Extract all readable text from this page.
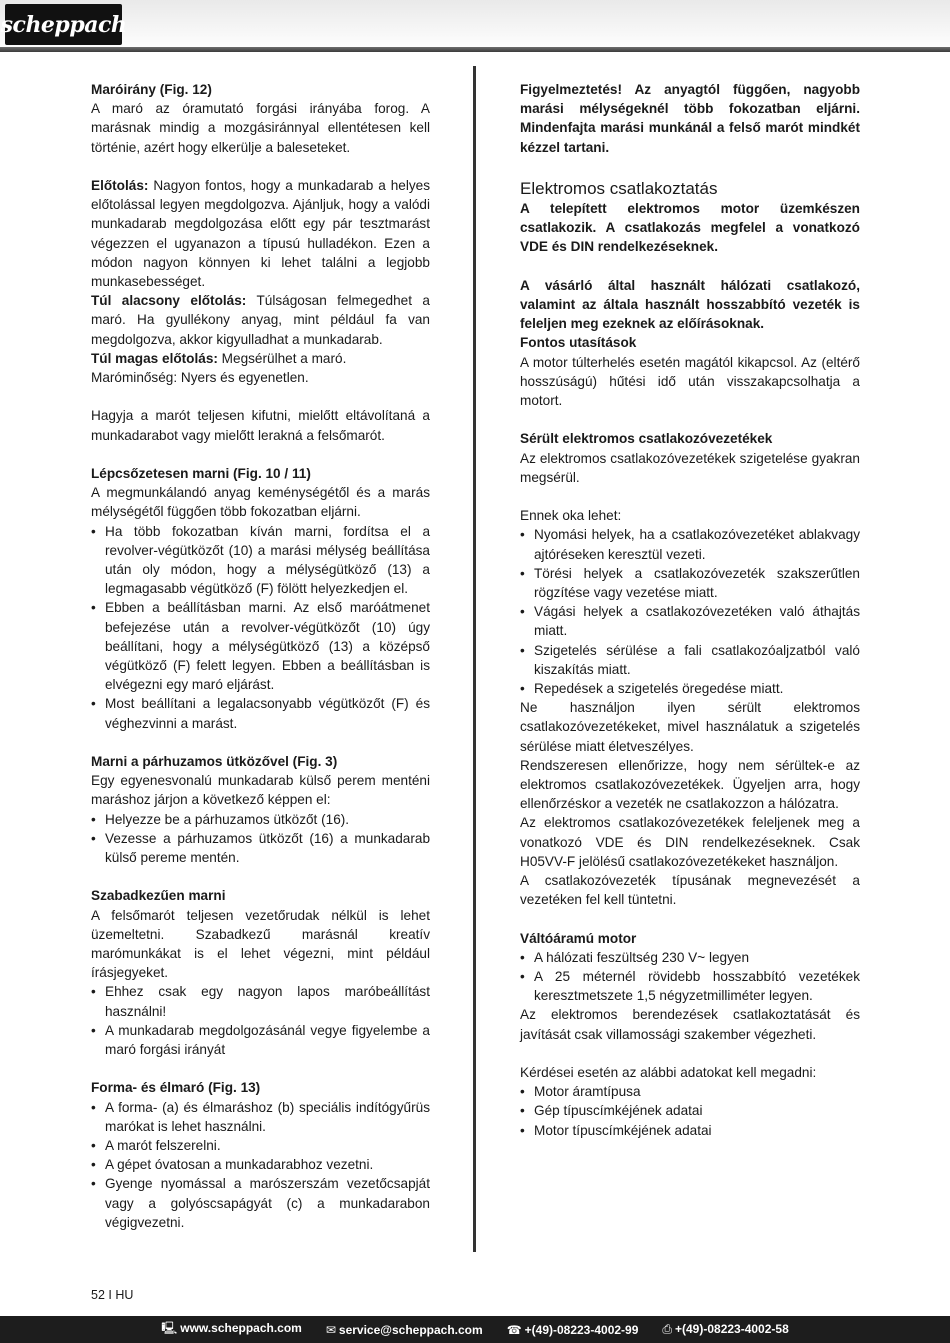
scheppach

Maróirány (Fig. 12)

A maró az óramutató forgási irányába forog. A marásnak mindig a mozgásiránnyal ellentétesen kell történie, azért hogy elkerülje a baleseteket.

Előtolás: Nagyon fontos, hogy a munkadarab a helyes előtolással legyen megdolgozva. Ajánljuk, hogy a valódi munkadarab megdolgozása előtt egy pár tesztmarást végezzen el ugyanazon a típusú hulladékon. Ezen a módon nagyon könnyen ki lehet találni a legjobb munkasebességet.

Túl alacsony előtolás: Túlságosan felmegedhet a maró. Ha gyullékony anyag, mint például fa van megdolgozva, akkor kigyulladhat a munkadarab.

Túl magas előtolás: Megsérülhet a maró.

Maróminőség: Nyers és egyenetlen.

Hagyja a marót teljesen kifutni, mielőtt eltávolítaná a munkadarabot vagy mielőtt lerakná a felsőmarót.

Lépcsőzetesen marni (Fig. 10 / 11)

A megmunkálandó anyag keménységétől és a marás mélységétől függően több fokozatban eljárni.

• Ha több fokozatban kíván marni, fordítsa el a revolver-végütközőt (10) a marási mélység beállítása után oly módon, hogy a mélységütköző (13) a legmagasabb végütköző (F) fölött helyezkedjen el.
• Ebben a beállításban marni. Az első maróátmenet befejezése után a revolver-végütközőt (10) úgy beállítani, hogy a mélységütköző (13) a középső végütköző (F) felett legyen. Ebben a beállításban is elvégezni egy maró eljárást.
• Most beállítani a legalacsonyabb végütközőt (F) és véghezvinni a marást.

Marni a párhuzamos ütközővel (Fig. 3)

Egy egyenesvonalú munkadarab külső perem menténi maráshoz járjon a következő képpen el:

• Helyezze be a párhuzamos ütközőt (16).
• Vezesse a párhuzamos ütközőt (16) a munkadarab külső pereme mentén.

Szabadkezűen marni

A felsőmarót teljesen vezetőrudak nélkül is lehet üzemeltetni. Szabadkezű marásnál kreatív marómunkákat is el lehet végezni, mint például írásjegyeket.

• Ehhez csak egy nagyon lapos maróbeállítást használni!
• A munkadarab megdolgozásánál vegye figyelembe a maró forgási irányát

Forma- és élmaró (Fig. 13)

• A forma- (a) és élmaráshoz (b) speciális indítógyűrüs marókat is lehet használni.
• A marót felszerelni.
• A gépet óvatosan a munkadarabhoz vezetni.
• Gyenge nyomással a marószerszám vezetőcsapját vagy a golyóscsapágyát (c) a munkadarabon végigvezetni.

Figyelmeztetés! Az anyagtól függően, nagyobb marási mélységeknél több fokozatban eljárni. Mindenfajta marási munkánál a felső marót mindkét kézzel tartani.

Elektromos csatlakoztatás

A telepített elektromos motor üzemkészen csatlakozik. A csatlakozás megfelel a vonatkozó VDE és DIN rendelkezéseknek.

A vásárló által használt hálózati csatlakozó, valamint az általa használt hosszabbító vezeték is feleljen meg ezeknek az előírásoknak.

Fontos utasítások

A motor túlterhelés esetén magától kikapcsol. Az (eltérő hosszúságú) hűtési idő után visszakapcsolhatja a motort.

Sérült elektromos csatlakozóvezetékek

Az elektromos csatlakozóvezetékek szigetelése gyakran megsérül.

Ennek oka lehet:

• Nyomási helyek, ha a csatlakozóvezetéket ablakvagy ajtóréseken keresztül vezeti.
• Törési helyek a csatlakozóvezeték szakszerűtlen rögzítése vagy vezetése miatt.
• Vágási helyek a csatlakozóvezetéken való áthajtás miatt.
• Szigetelés sérülése a fali csatlakozóaljzatból való kiszakítás miatt.
• Repedések a szigetelés öregedése miatt.

Ne használjon ilyen sérült elektromos csatlakozóvezetékeket, mivel használatuk a szigetelés sérülése miatt életveszélyes.

Rendszeresen ellenőrizze, hogy nem sérültek-e az elektromos csatlakozóvezetékek. Ügyeljen arra, hogy ellenőrzéskor a vezeték ne csatlakozzon a hálózatra.

Az elektromos csatlakozóvezetékek feleljenek meg a vonatkozó VDE és DIN rendelkezéseknek. Csak H05VV-F jelölésű csatlakozóvezetékeket használjon.

A csatlakozóvezeték típusának megnevezését a vezetéken fel kell tüntetni.

Váltóáramú motor

• A hálózati feszültség 230 V~ legyen
• A 25 méternél rövidebb hosszabbító vezetékek keresztmetszete 1,5 négyzetmilliméter legyen.

Az elektromos berendezések csatlakoztatását és javítását csak villamossági szakember végezheti.

Kérdései esetén az alábbi adatokat kell megadni:

• Motor áramtípusa
• Gép típuscímkéjének adatai
• Motor típuscímkéjének adatai
52 I HU
🖳 www.scheppach.com ✉ service@scheppach.com ☎ +(49)-08223-4002-99 ⎙ +(49)-08223-4002-58
